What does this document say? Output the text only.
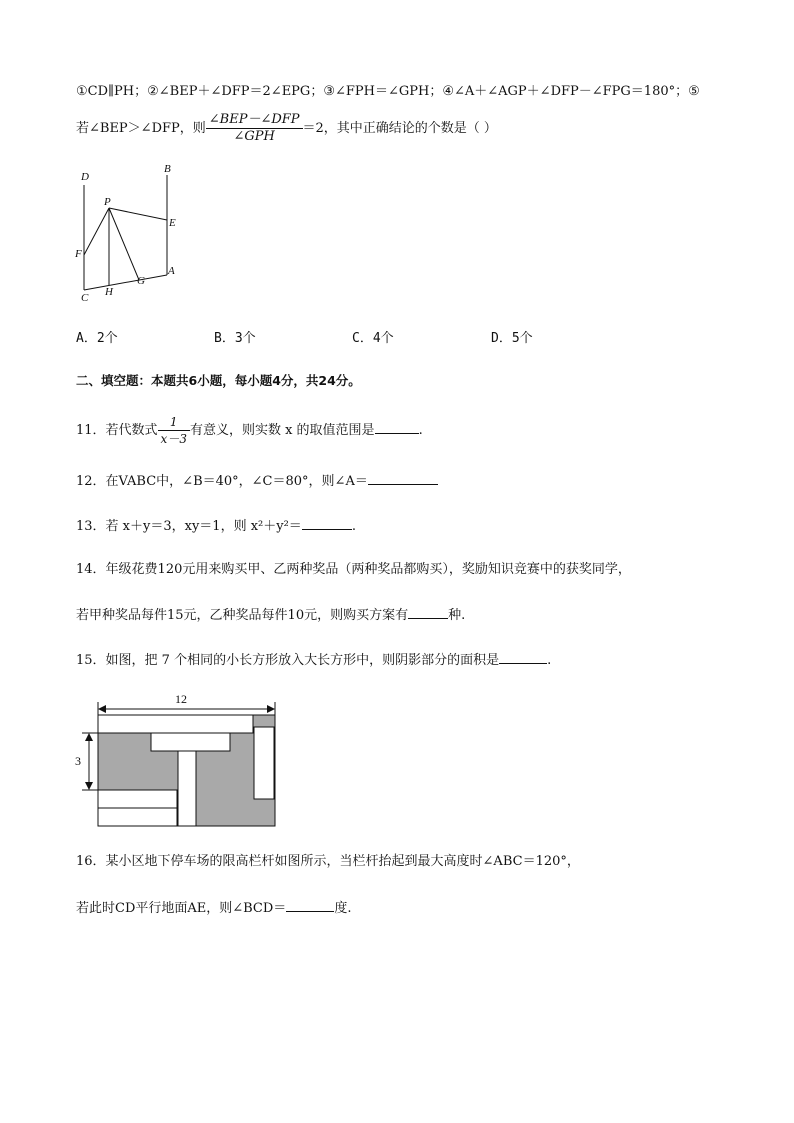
①CD∥PH；②∠BEP＋∠DFP＝2∠EPG；③∠FPH＝∠GPH；④∠A＋∠AGP＋∠DFP－∠FPG＝180°；⑤
若∠BEP＞∠DFP，则 $\frac{\text{∠BEP－∠DFP}}{\text{∠GPH}} =2$，其中正确结论的个数是（ ）
D
B
P
E
F
A
C H
G
A．2个	B．3个	C．4个	D．5个
二、填空题：本题共6小题，每小题4分，共24分。
11．若代数式 $\frac{1}{x-3}$ 有意义，则实数 x 的取值范围是	.
12．在VABC中，∠B＝40°，∠C＝80°，则∠A＝
13．若 x＋y＝3，xy＝1，则 x²＋y²＝	.
14．年级花费120元用来购买甲、乙两种奖品（两种奖品都购买），奖励知识竞赛中的获奖同学，
若甲种奖品每件15元，乙种奖品每件10元，则购买方案有	种.
15．如图，把 7 个相同的小长方形放入大长方形中，则阴影部分的面积是	.
12
3
16．某小区地下停车场的限高栏杆如图所示，当栏杆抬起到最大高度时∠ABC＝120°，
若此时CD平行地面AE，则∠BCD＝	度.
